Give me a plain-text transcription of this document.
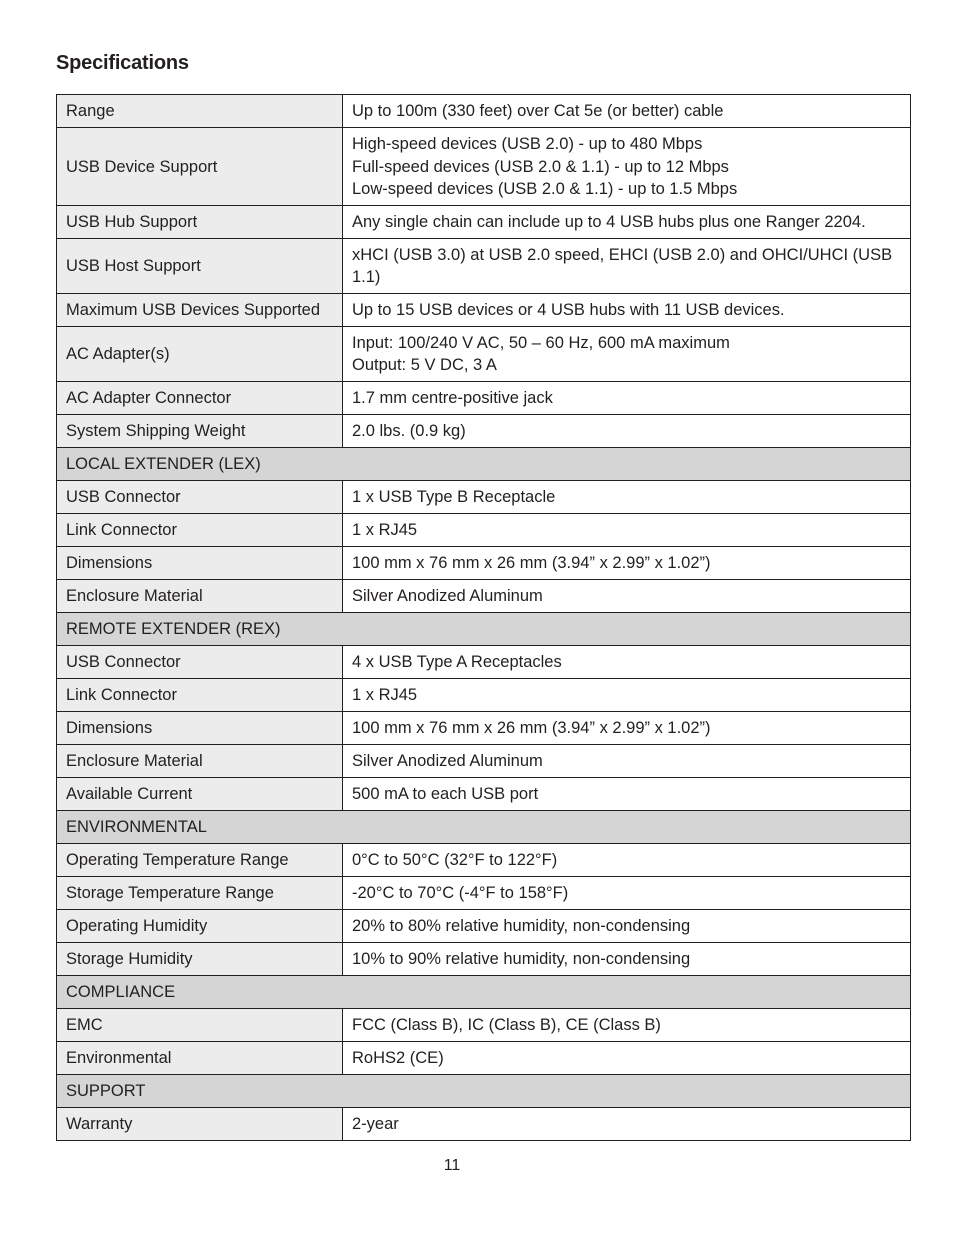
Specifications
Range	Up to 100m (330 feet) over Cat 5e (or better) cable

USB Device Support	High-speed devices (USB 2.0) - up to 480 Mbps
Full-speed devices (USB 2.0 & 1.1) - up to 12 Mbps
Low-speed devices (USB 2.0 & 1.1) - up to 1.5 Mbps

USB Hub Support	Any single chain can include up to 4 USB hubs plus one Ranger 2204.

USB Host Support	xHCI (USB 3.0) at USB 2.0 speed, EHCI (USB 2.0) and OHCI/UHCI (USB 1.1)

Maximum USB Devices Supported	Up to 15 USB devices or 4 USB hubs with 11 USB devices.

AC Adapter(s)	Input: 100/240 V AC, 50 – 60 Hz, 600 mA maximum
Output: 5 V DC, 3 A

AC Adapter Connector	1.7 mm centre-positive jack

System Shipping Weight	2.0 lbs. (0.9 kg)

LOCAL EXTENDER (LEX)	
USB Connector	1 x USB Type B Receptacle

Link Connector	1 x RJ45

Dimensions	100 mm x 76 mm x 26 mm (3.94” x 2.99” x 1.02”)

Enclosure Material	Silver Anodized Aluminum

REMOTE EXTENDER (REX)	
USB Connector	4 x USB Type A Receptacles

Link Connector	1 x RJ45

Dimensions	100 mm x 76 mm x 26 mm (3.94” x 2.99” x 1.02”)

Enclosure Material	Silver Anodized Aluminum

Available Current	500 mA to each USB port

ENVIRONMENTAL	
Operating Temperature Range	0°C to 50°C (32°F to 122°F)

Storage Temperature Range	-20°C to 70°C (-4°F to 158°F)

Operating Humidity	20% to 80% relative humidity, non-condensing

Storage Humidity	10% to 90% relative humidity, non-condensing

COMPLIANCE	
EMC	FCC (Class B), IC (Class B), CE (Class B)

Environmental	RoHS2 (CE)

SUPPORT	
Warranty	2-year
11
